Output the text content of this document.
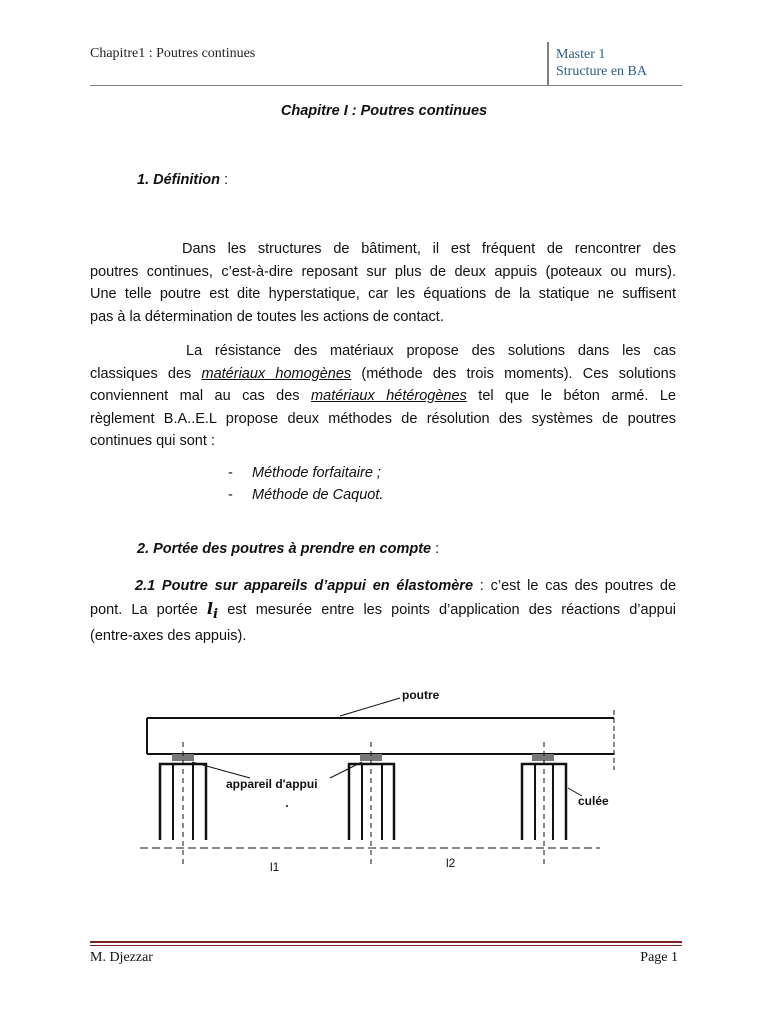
Chapitre1 : Poutres continues	Master 1
Structure en BA
Chapitre I : Poutres continues
1. Définition :
Dans les structures de bâtiment, il est fréquent de rencontrer des
poutres continues, c’est-à-dire reposant sur plus de deux appuis (poteaux ou murs).
Une telle poutre est dite hyperstatique, car les équations de la statique ne suffisent
pas à la détermination de toutes les actions de contact.
La résistance des matériaux propose des solutions dans les cas
classiques des matériaux homogènes (méthode des trois moments). Ces solutions
conviennent mal au cas des matériaux hétérogènes tel que le béton armé. Le
règlement B.A..E.L propose deux méthodes de résolution des systèmes de poutres
continues qui sont :
-	Méthode forfaitaire ;
-	Méthode de Caquot.
2. Portée des poutres à prendre en compte :
2.1 Poutre sur appareils d’appui en élastomère : c’est le cas des poutres de
pont. La portée $l_i$ est mesurée entre les points d’application des réactions d’appui
(entre-axes des appuis).
poutre
appareil d'appui
culée
l1	l2
M. Djezzar	Page 1
